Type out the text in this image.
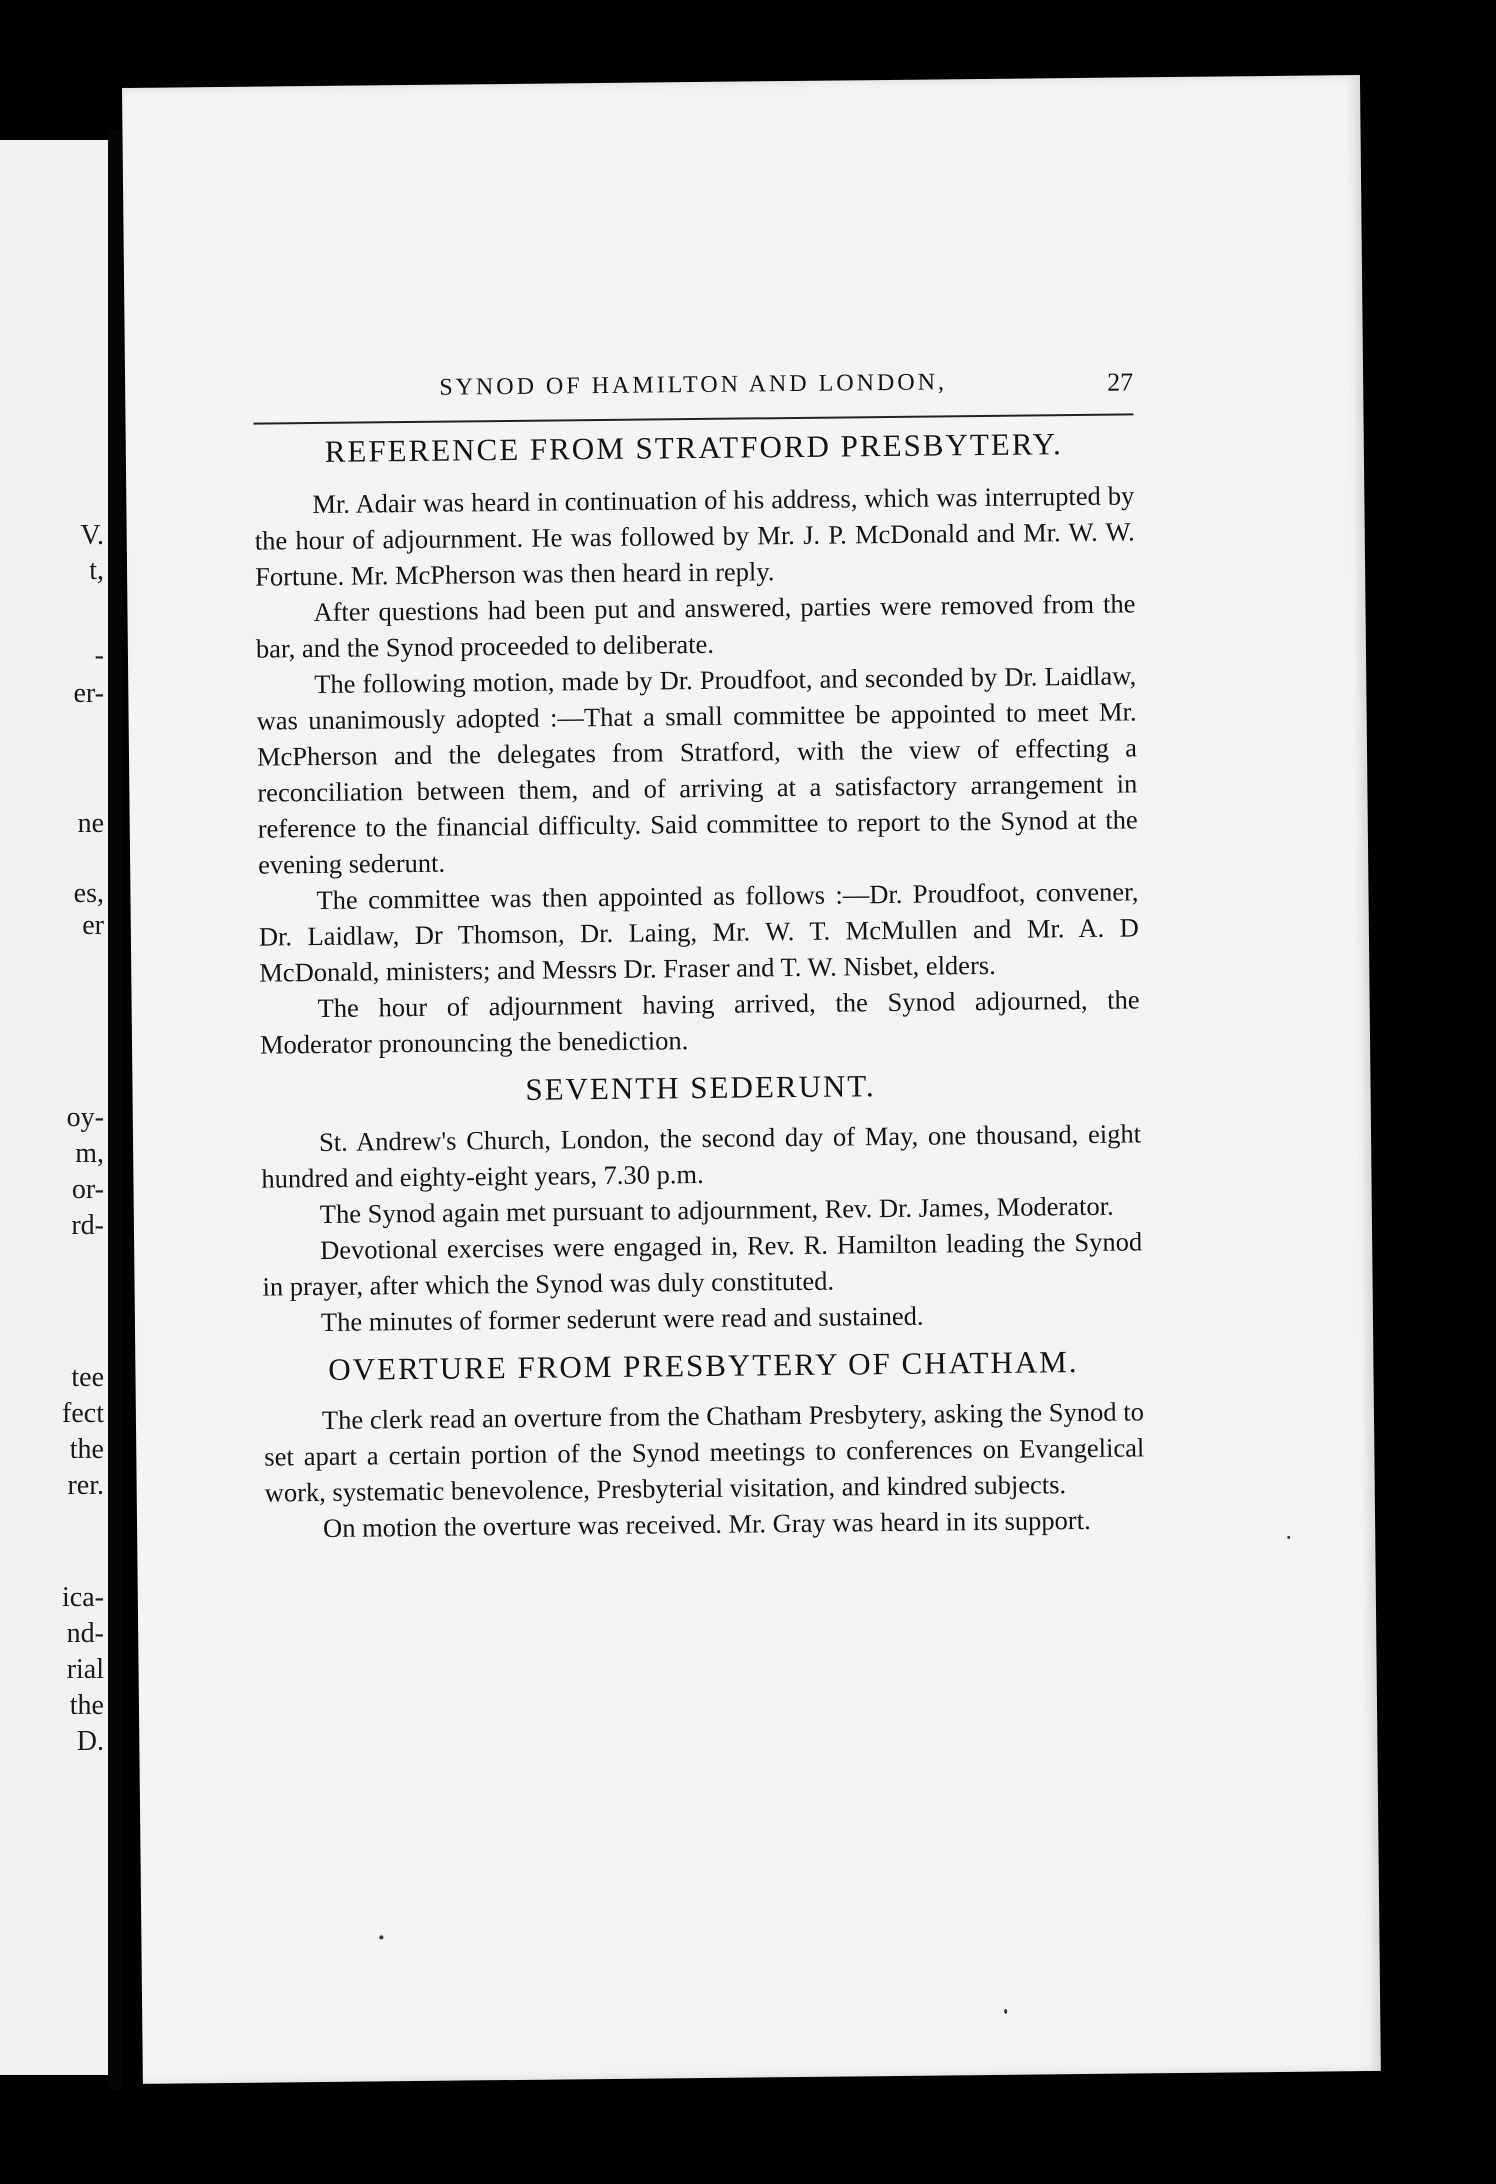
V.
t,
-
er-
ne
es,
er
oy-
m,
or-
rd-
tee
fect
the
rer.
ica-
nd-
rial
the
D.
SYNOD OF HAMILTON AND LONDON,	27
REFERENCE FROM STRATFORD PRESBYTERY.

Mr. Adair was heard in continuation of his address, which was interrupted by the hour of adjournment. He was followed by Mr. J. P. McDonald and Mr. W. W. Fortune. Mr. McPherson was then heard in reply.

After questions had been put and answered, parties were removed from the bar, and the Synod proceeded to deliberate.

The following motion, made by Dr. Proudfoot, and seconded by Dr. Laidlaw, was unanimously adopted :—That a small committee be appointed to meet Mr. McPherson and the delegates from Stratford, with the view of effecting a reconciliation between them, and of arriving at a satisfactory arrangement in reference to the financial difficulty. Said committee to report to the Synod at the evening sederunt.

The committee was then appointed as follows :—Dr. Proudfoot, convener, Dr. Laidlaw, Dr Thomson, Dr. Laing, Mr. W. T. McMullen and Mr. A. D McDonald, ministers; and Messrs Dr. Fraser and T. W. Nisbet, elders.

The hour of adjournment having arrived, the Synod adjourned, the Moderator pronouncing the benediction.

SEVENTH SEDERUNT.

St. Andrew's Church, London, the second day of May, one thousand, eight hundred and eighty-eight years, 7.30 p.m.

The Synod again met pursuant to adjournment, Rev. Dr. James, Moderator.

Devotional exercises were engaged in, Rev. R. Hamilton leading the Synod in prayer, after which the Synod was duly constituted.

The minutes of former sederunt were read and sustained.

OVERTURE FROM PRESBYTERY OF CHATHAM.

The clerk read an overture from the Chatham Presbytery, asking the Synod to set apart a certain portion of the Synod meetings to conferences on Evangelical work, systematic benevolence, Presbyterial visitation, and kindred subjects.

On motion the overture was received. Mr. Gray was heard in its support.
